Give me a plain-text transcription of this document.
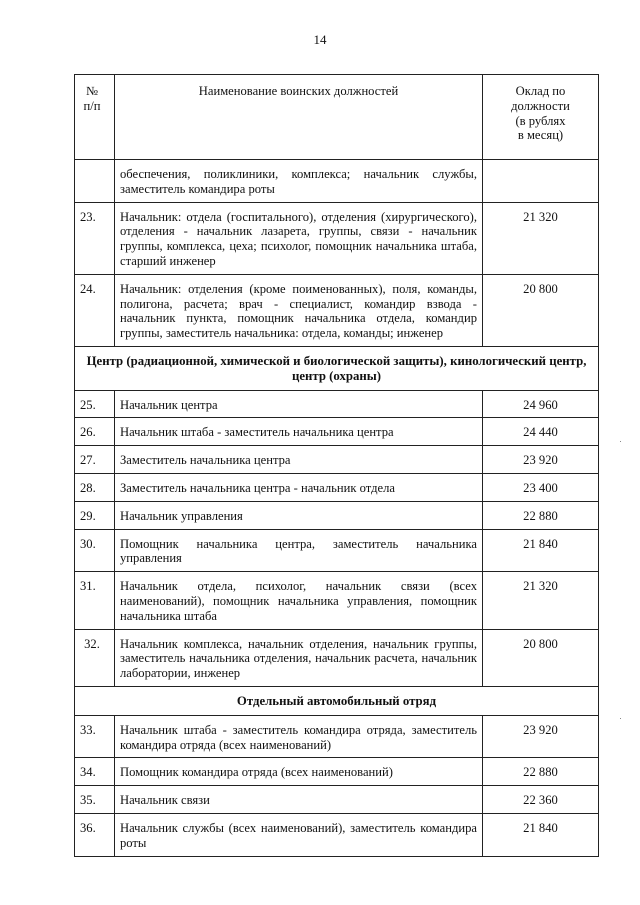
14
№
п/п	Наименование воинских должностей	Оклад по
должности
(в рублях
в месяц)
	обеспечения, поликлиники, комплекса; начальник службы, заместитель командира роты	
23.	Начальник: отдела (госпитального), отделения (хирургического), отделения - начальник лазарета, группы, связи - начальник группы, комплекса, цеха; психолог, помощник начальника штаба, старший инженер	21 320
24.	Начальник: отделения (кроме поименованных), поля, команды, полигона, расчета; врач - специалист, командир взвода - начальник пункта, помощник начальника отдела, командир группы, заместитель начальника: отдела, команды; инженер	20 800
Центр (радиационной, химической и биологической защиты), кинологический центр, центр (охраны)		
25.	Начальник центра	24 960
26.	Начальник штаба - заместитель начальника центра	24 440
27.	Заместитель начальника центра	23 920
28.	Заместитель начальника центра - начальник отдела	23 400
29.	Начальник управления	22 880
30.	Помощник начальника центра, заместитель начальника управления	21 840
31.	Начальник отдела, психолог, начальник связи (всех наименований), помощник начальника управления, помощник начальника штаба	21 320
32.	Начальник комплекса, начальник отделения, начальник группы, заместитель начальника отделения, начальник расчета, начальник лаборатории, инженер	20 800
Отдельный автомобильный отряд		
33.	Начальник штаба - заместитель командира отряда, заместитель командира отряда (всех наименований)	23 920
34.	Помощник командира отряда (всех наименований)	22 880
35.	Начальник связи	22 360
36.	Начальник службы (всех наименований), заместитель командира роты	21 840
